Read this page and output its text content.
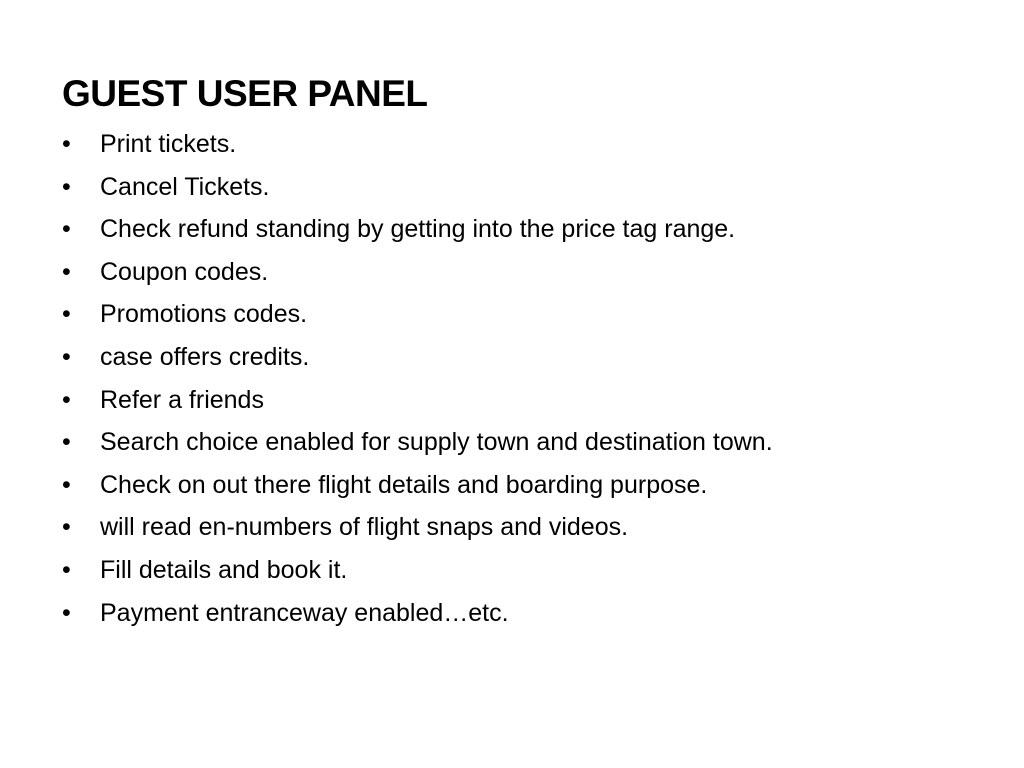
GUEST USER PANEL
•	Print tickets.
•	Cancel Tickets.
•	Check refund standing by getting into the price tag range.
•	Coupon codes.
•	Promotions codes.
•	case offers credits.
•	Refer a friends
•	Search choice enabled for supply town and destination town.
•	Check on out there flight details and boarding purpose.
•	will read en-numbers of flight snaps and videos.
•	Fill details and book it.
•	Payment entranceway enabled…etc.
